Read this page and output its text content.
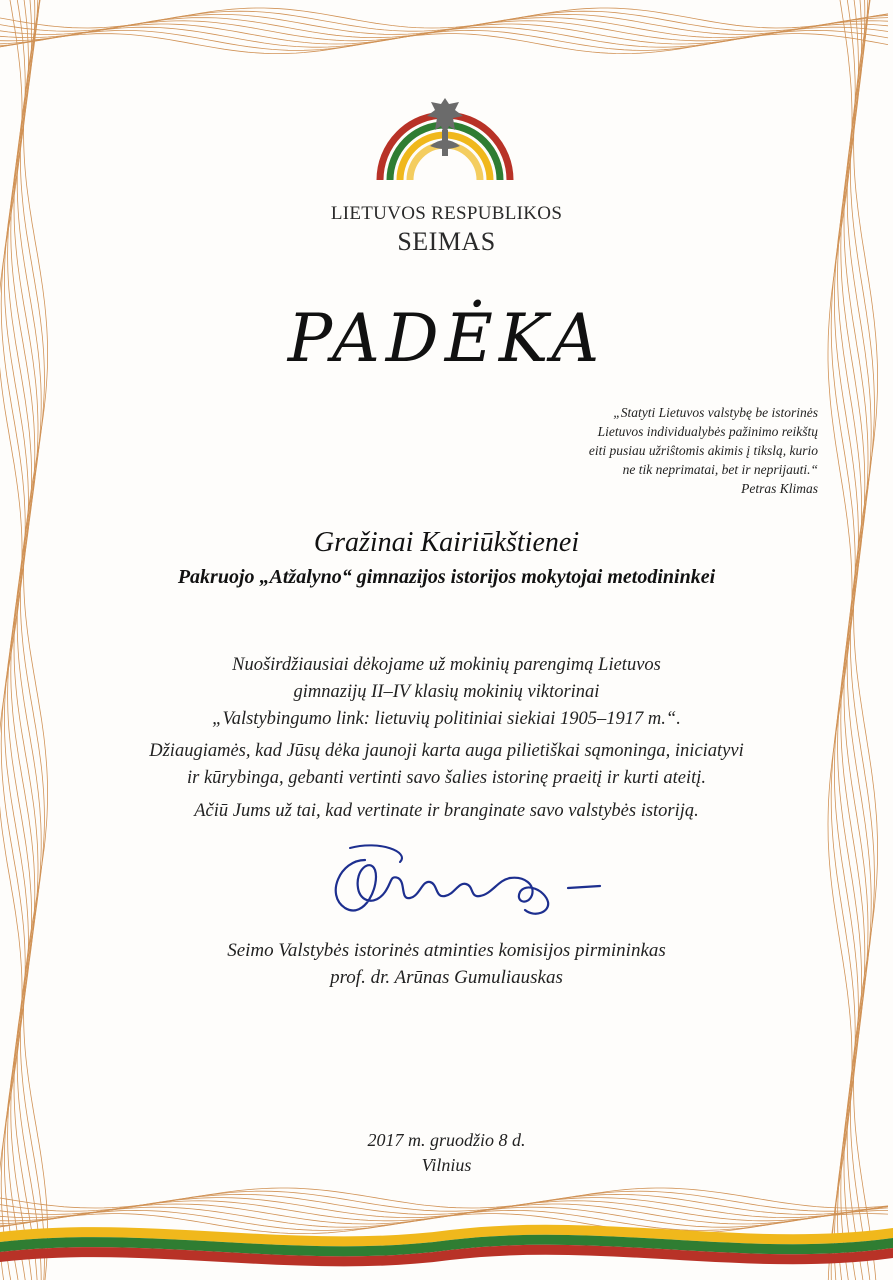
LIETUVOS RESPUBLIKOS
SEIMAS
PADĖKA
„Statyti Lietuvos valstybę be istorinės
Lietuvos individualybės pažinimo reikštų
eiti pusiau užriŝtomis akimis į tikslą, kurio
ne tik neprimatai, bet ir neprijauti.“
Petras Klimas
Gražinai Kairiūkštienei
Pakruojo „Atžalyno“ gimnazijos istorijos mokytojai metodininkei
Nuoširdžiausiai dėkojame už mokinių parengimą Lietuvos
gimnazijų II–IV klasių mokinių viktorinai
„Valstybingumo link: lietuvių politiniai siekiai 1905–1917 m.“.
Džiaugiamės, kad Jūsų dėka jaunoji karta auga pilietiškai sąmoninga, iniciatyvi
ir kūrybinga, gebanti vertinti savo šalies istorinę praeitį ir kurti ateitį.
Ačiū Jums už tai, kad vertinate ir branginate savo valstybės istoriją.
Seimo Valstybės istorinės atminties komisijos pirmininkas
prof. dr. Arūnas Gumuliauskas
2017 m. gruodžio 8 d.
Vilnius
